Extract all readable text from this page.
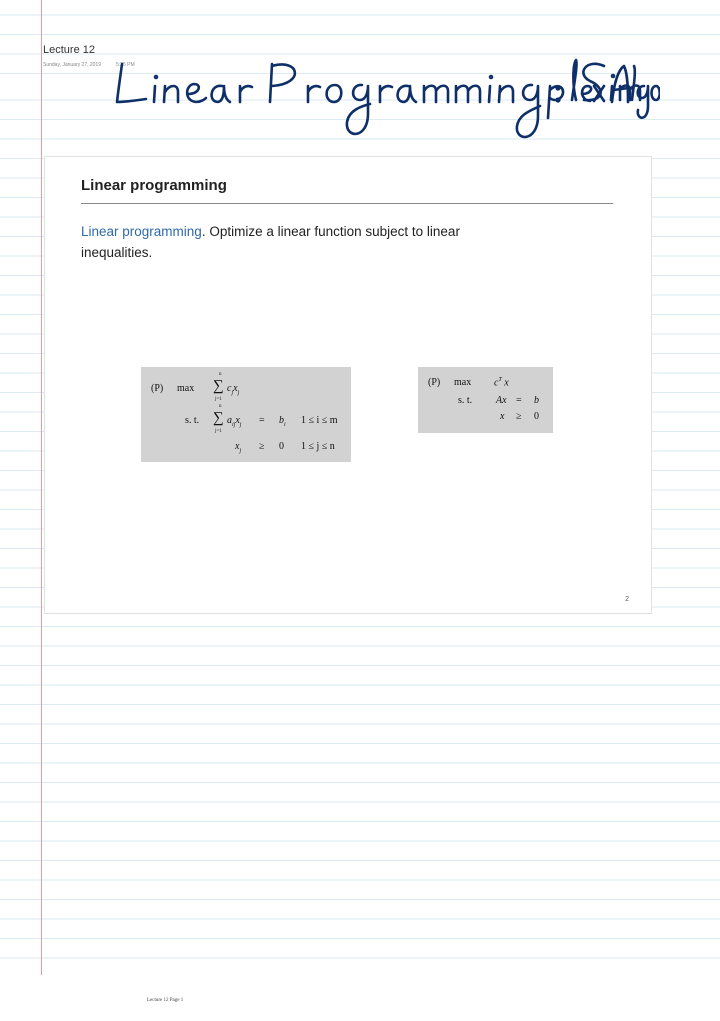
Lecture 12
Sunday, January 27, 2019	5:25 PM
Linear programming
Linear programming. Optimize a linear function subject to linear inequalities.
(P) max
n
∑
j=1
$c_jx_j$
s. t.
n
∑
j=1
$a_{ij}x_j = b_i$ 1 ≤ i ≤ m
$x_j \ge 0$ 1 ≤ j ≤ n
(P) $\max c^T$ x
s. t. Ax = b
x ≥ 0
2
Lecture 12 Page 1
